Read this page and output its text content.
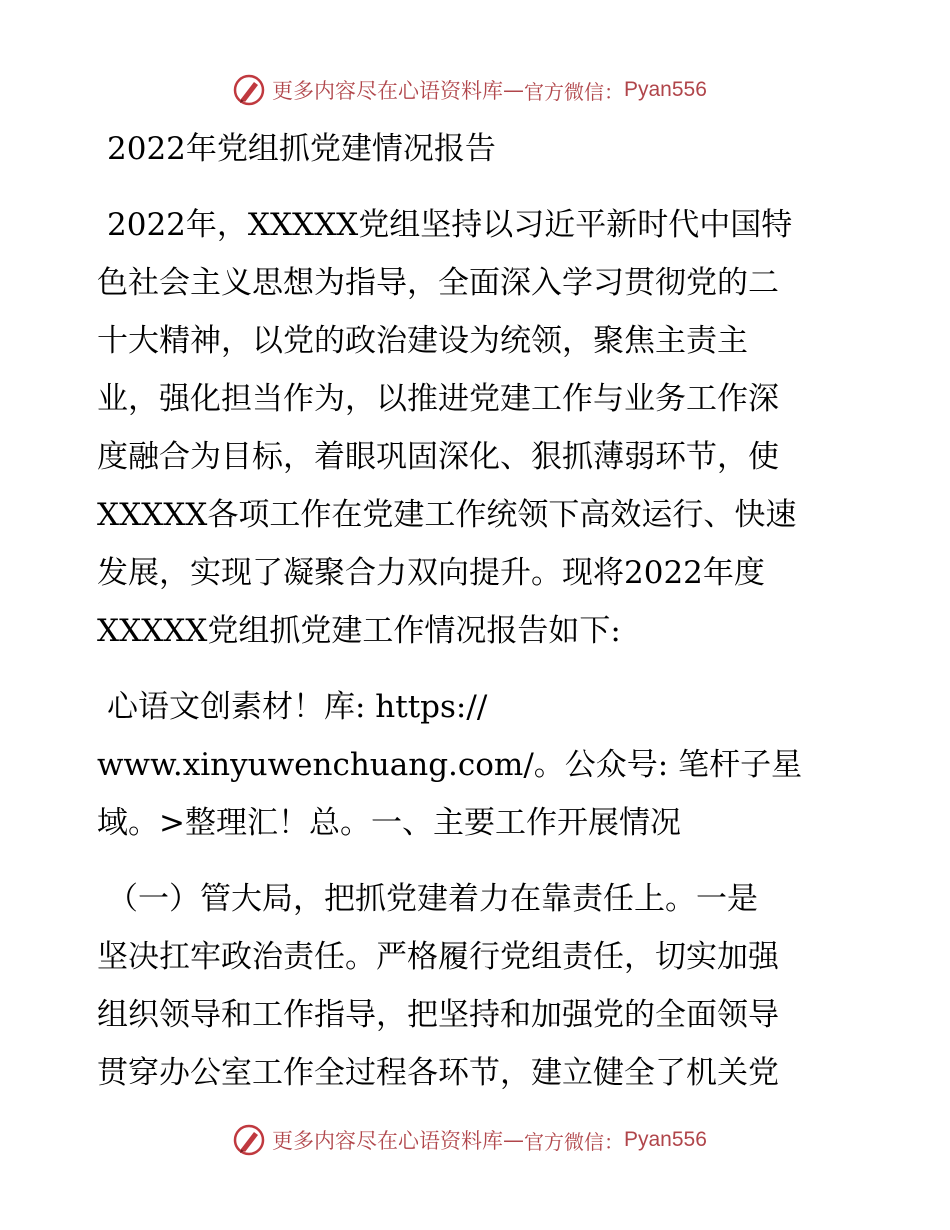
更多内容尽在心语资料库 — 官方微信： Pyan556
2022年党组抓党建情况报告
2022年，XXXXX党组坚持以习近平新时代中国特
色社会主义思想为指导，全面深入学习贯彻党的二
十大精神，以党的政治建设为统领，聚焦主责主
业，强化担当作为，以推进党建工作与业务工作深
度融合为目标，着眼巩固深化、狠抓薄弱环节，使
XXXXX各项工作在党建工作统领下高效运行、快速
发展，实现了凝聚合力双向提升。现将2022年度
XXXXX党组抓党建工作情况报告如下:
心语文创素材！库: https://
www.xinyuwenchuang.com/。公众号: 笔杆子星
域。>整理汇！总。一、主要工作开展情况
（一）管大局，把抓党建着力在靠责任上。一是
坚决扛牢政治责任。严格履行党组责任，切实加强
组织领导和工作指导，把坚持和加强党的全面领导
贯穿办公室工作全过程各环节，建立健全了机关党
更多内容尽在心语资料库 — 官方微信： Pyan556
